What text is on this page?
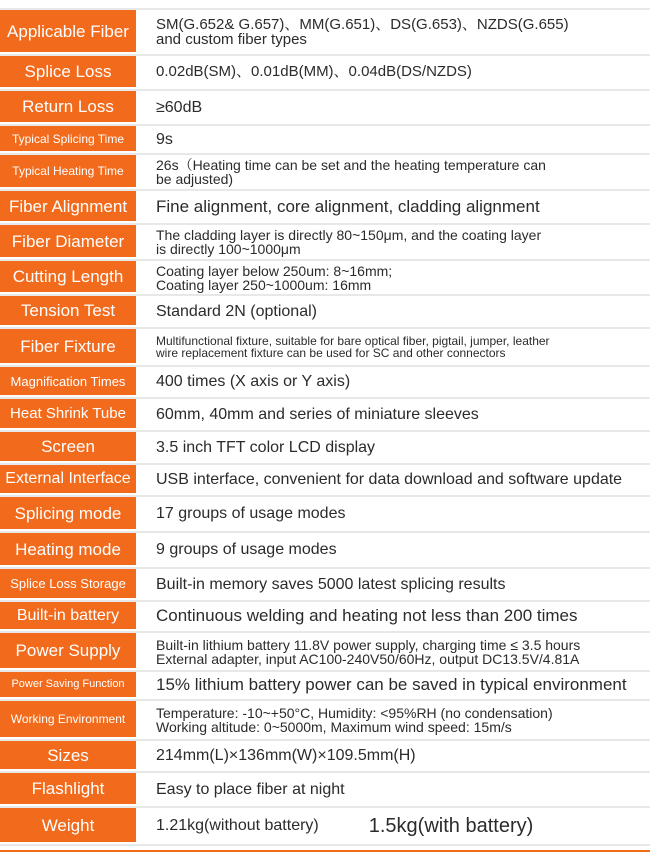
Applicable Fiber	SM(G.652& G.657)、MM(G.651)、DS(G.653)、NZDS(G.655)
and custom fiber types
Splice Loss	0.02dB(SM)、0.01dB(MM)、0.04dB(DS/NZDS)
Return Loss	≥60dB
Typical Splicing Time	9s
Typical Heating Time	26s（Heating time can be set and the heating temperature can
be adjusted)
Fiber Alignment	Fine alignment, core alignment, cladding alignment
Fiber Diameter	The cladding layer is directly 80~150μm, and the coating layer
is directly 100~1000μm
Cutting Length	Coating layer below 250um: 8~16mm;
Coating layer 250~1000um: 16mm
Tension Test	Standard 2N (optional)
Fiber Fixture	Multifunctional fixture, suitable for bare optical fiber, pigtail, jumper, leather
wire replacement fixture can be used for SC and other connectors
Magnification Times	400 times (X axis or Y axis)
Heat Shrink Tube	60mm, 40mm and series of miniature sleeves
Screen	3.5 inch TFT color LCD display
External Interface	USB interface, convenient for data download and software update
Splicing mode	17 groups of usage modes
Heating mode	9 groups of usage modes
Splice Loss Storage	Built-in memory saves 5000 latest splicing results
Built-in battery	Continuous welding and heating not less than 200 times
Power Supply	Built-in lithium battery 11.8V power supply, charging time ≤ 3.5 hours
External adapter, input AC100-240V50/60Hz, output DC13.5V/4.81A
Power Saving Function	15% lithium battery power can be saved in typical environment
Working Environment	Temperature: -10~+50°C, Humidity: <95%RH (no condensation)
Working altitude: 0~5000m, Maximum wind speed: 15m/s
Sizes	214mm(L)×136mm(W)×109.5mm(H)
Flashlight	Easy to place fiber at night
Weight	1.21kg(without battery)	1.5kg(with battery)
